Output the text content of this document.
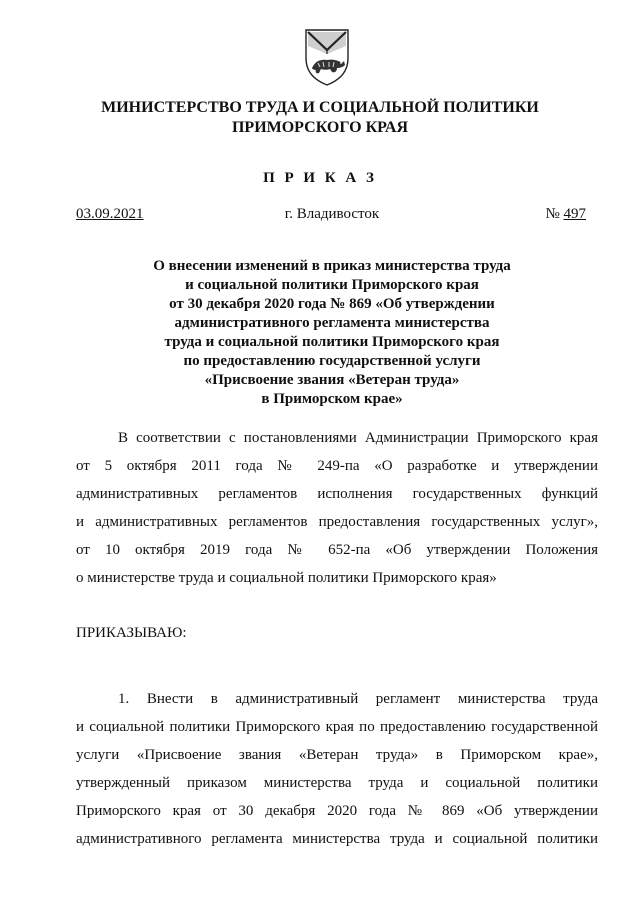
МИНИСТЕРСТВО ТРУДА И СОЦИАЛЬНОЙ ПОЛИТИКИ
ПРИМОРСКОГО КРАЯ
П Р И К А З
03.09.2021	г. Владивосток	№ 497
О внесении изменений в приказ министерства труда
и социальной политики Приморского края
от 30 декабря 2020 года № 869 «Об утверждении
административного регламента министерства
труда и социальной политики Приморского края
по предоставлению государственной услуги
«Присвоение звания «Ветеран труда»
в Приморском крае»
В соответствии с постановлениями Администрации Приморского края
от 5 октября 2011 года № 249-па «О разработке и утверждении
административных регламентов исполнения государственных функций
и административных регламентов предоставления государственных услуг»,
от 10 октября 2019 года № 652-па «Об утверждении Положения
о министерстве труда и социальной политики Приморского края»
ПРИКАЗЫВАЮ:
1. Внести в административный регламент министерства труда
и социальной политики Приморского края по предоставлению государственной
услуги «Присвоение звания «Ветеран труда» в Приморском крае»,
утвержденный приказом министерства труда и социальной политики
Приморского края от 30 декабря 2020 года № 869 «Об утверждении
административного регламента министерства труда и социальной политики
